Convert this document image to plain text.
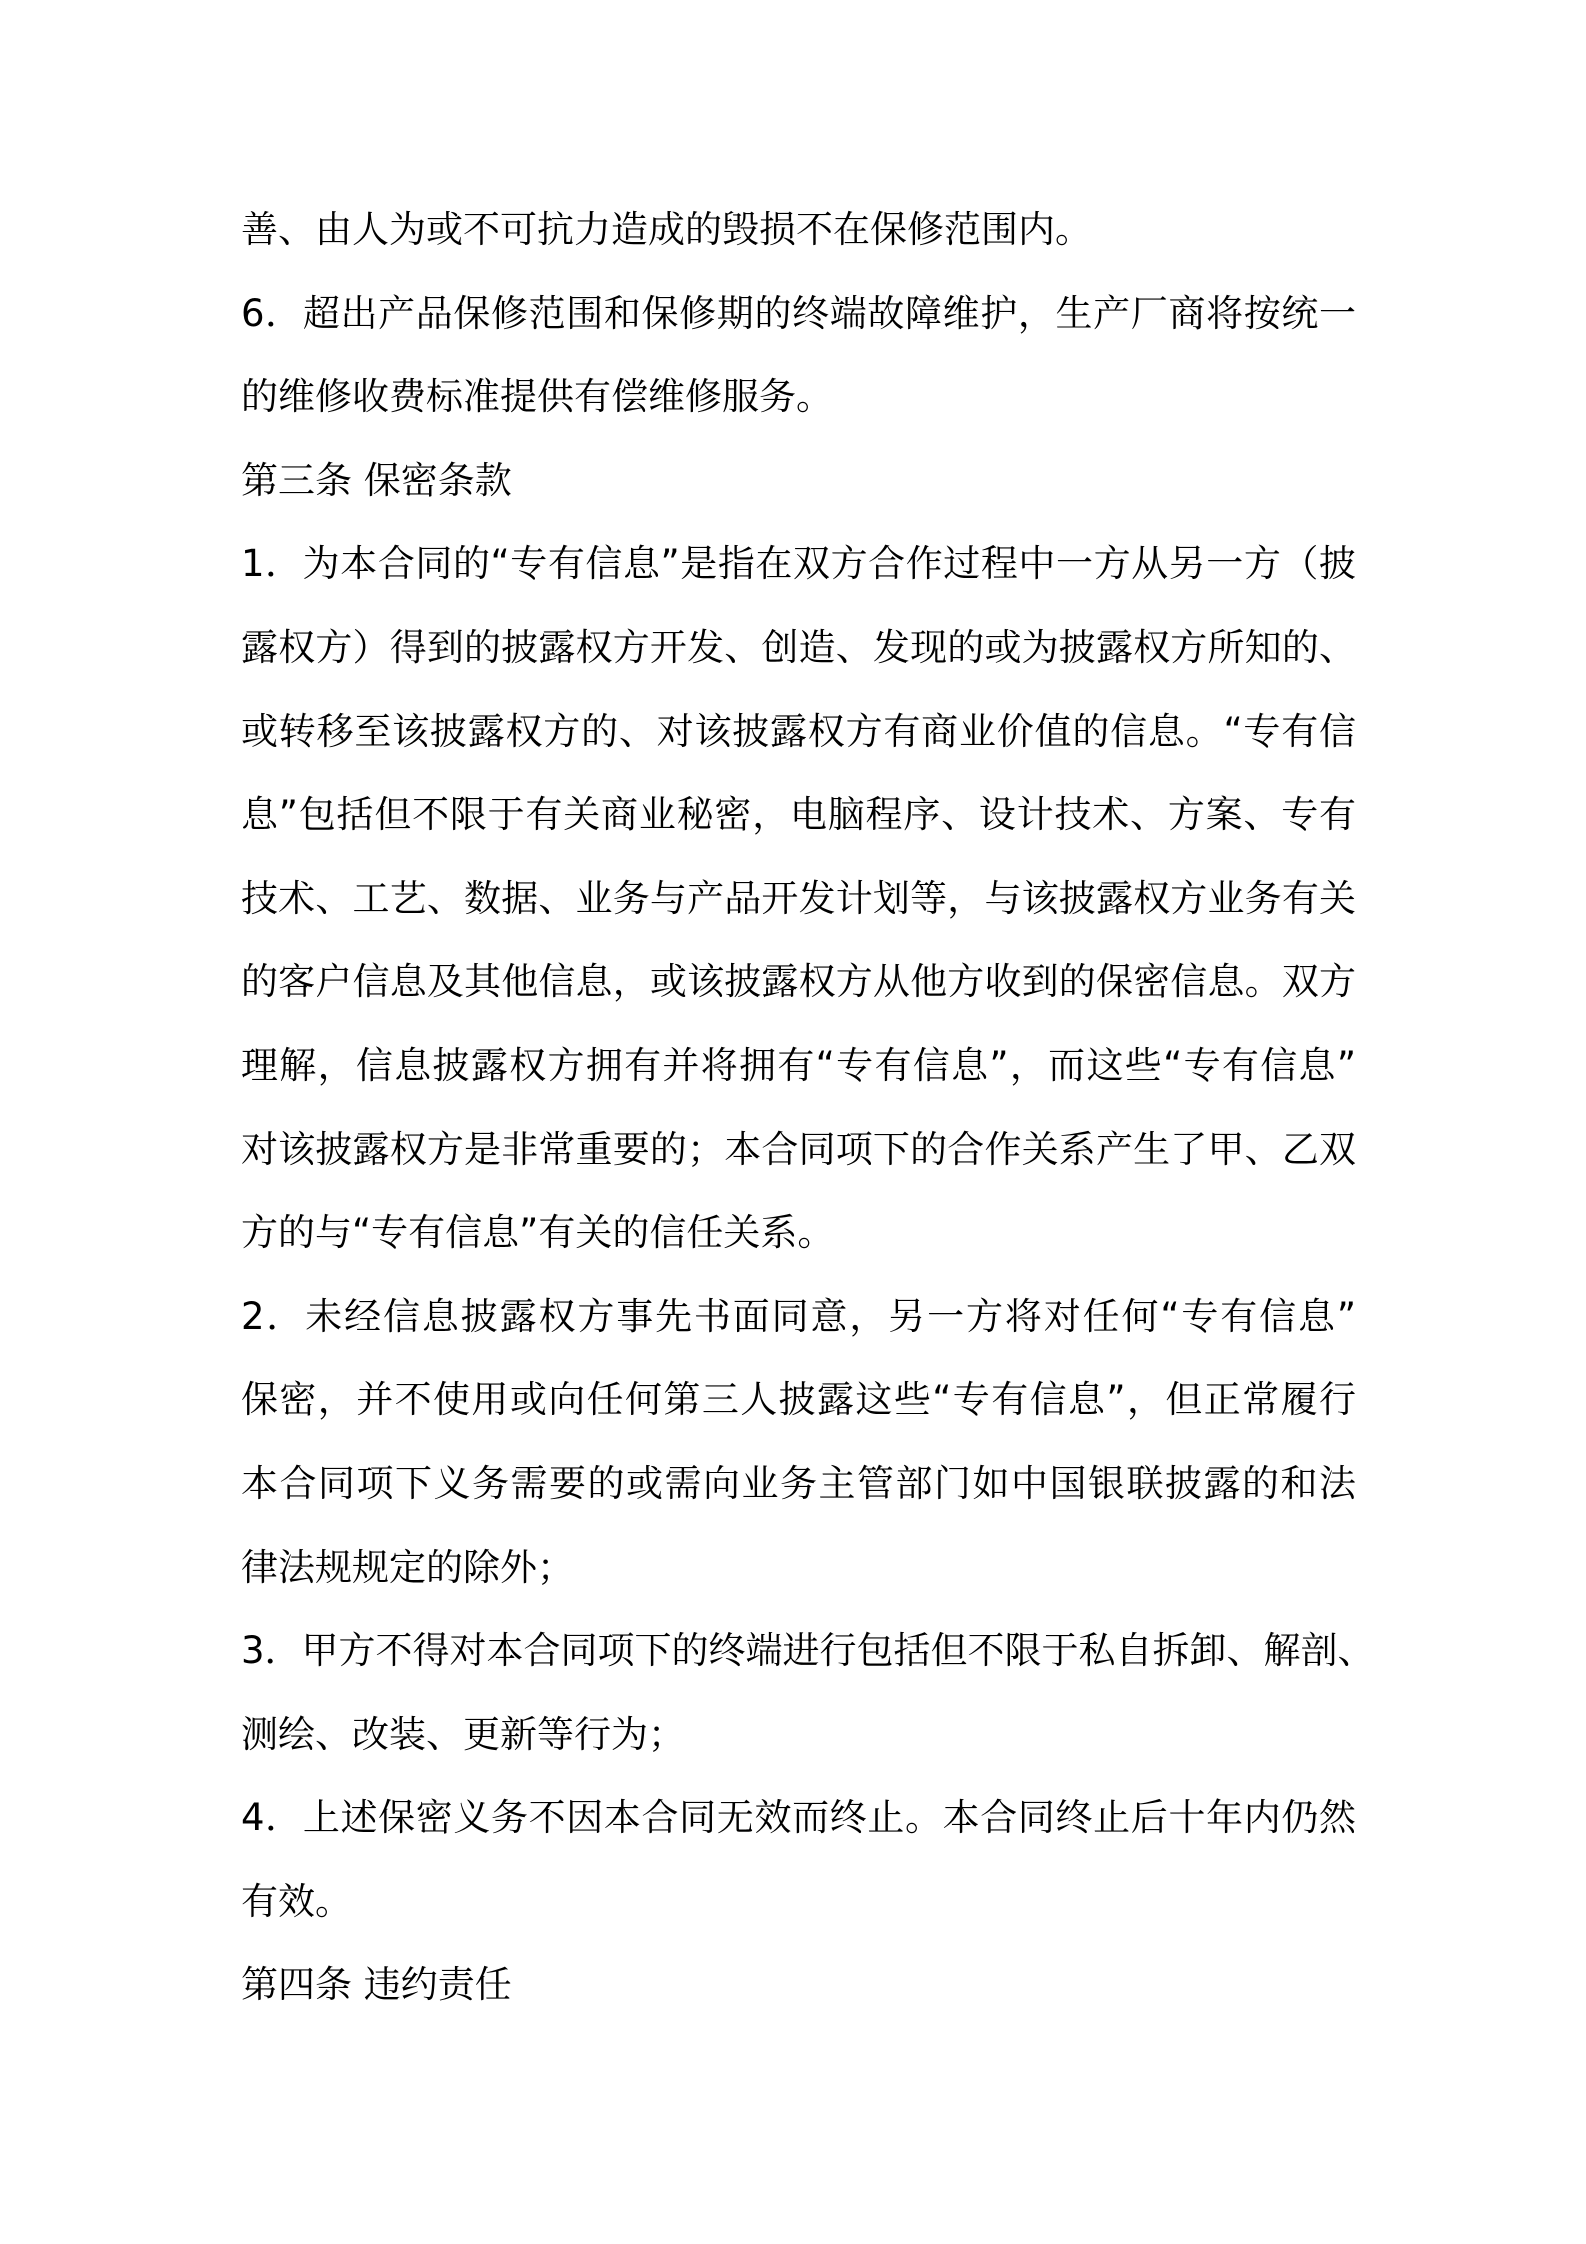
善、由人为或不可抗力造成的毁损不在保修范围内。
6．超出产品保修范围和保修期的终端故障维护，生产厂商将按统一
的维修收费标准提供有偿维修服务。
第三条 保密条款
1．为本合同的“专有信息”是指在双方合作过程中一方从另一方（披
露权方）得到的披露权方开发、创造、发现的或为披露权方所知的、
或转移至该披露权方的、对该披露权方有商业价值的信息。“专有信
息”包括但不限于有关商业秘密，电脑程序、设计技术、方案、专有
技术、工艺、数据、业务与产品开发计划等，与该披露权方业务有关
的客户信息及其他信息，或该披露权方从他方收到的保密信息。双方
理解，信息披露权方拥有并将拥有“专有信息”，而这些“专有信息”
对该披露权方是非常重要的；本合同项下的合作关系产生了甲、乙双
方的与“专有信息”有关的信任关系。
2．未经信息披露权方事先书面同意，另一方将对任何“专有信息”
保密，并不使用或向任何第三人披露这些“专有信息”，但正常履行
本合同项下义务需要的或需向业务主管部门如中国银联披露的和法
律法规规定的除外；
3．甲方不得对本合同项下的终端进行包括但不限于私自拆卸、解剖、
测绘、改装、更新等行为；
4．上述保密义务不因本合同无效而终止。本合同终止后十年内仍然
有效。
第四条 违约责任
